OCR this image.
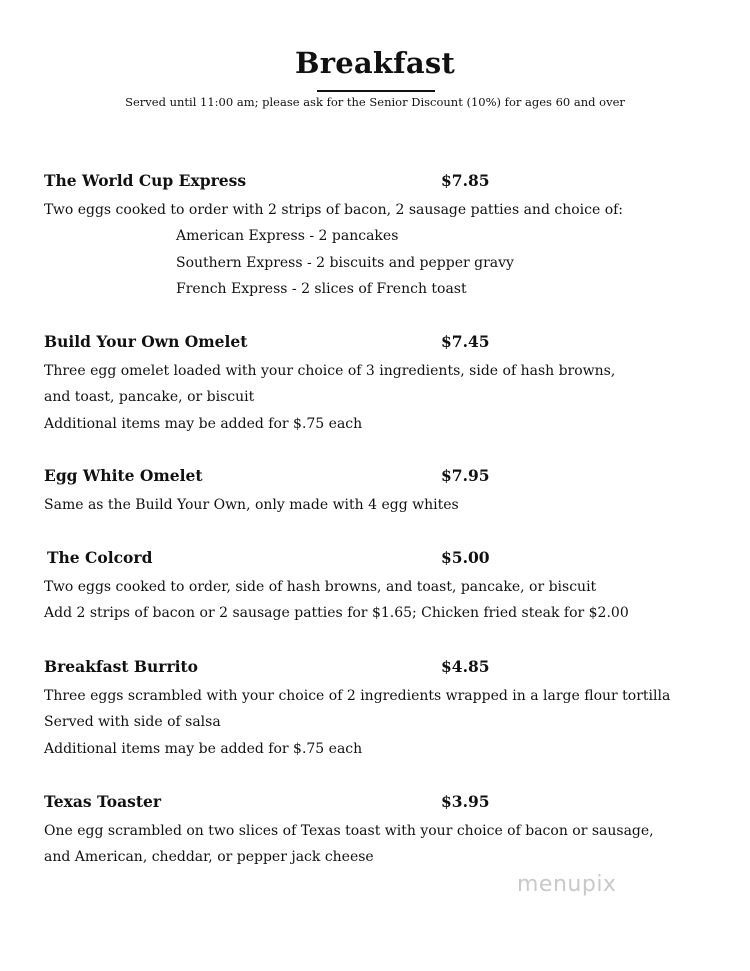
Breakfast
Served until 11:00 am; please ask for the Senior Discount (10%) for ages 60 and over
The World Cup Express	$7.85
Two eggs cooked to order with 2 strips of bacon, 2 sausage patties and choice of:
American Express - 2 pancakes
Southern Express - 2 biscuits and pepper gravy
French Express - 2 slices of French toast
Build Your Own Omelet	$7.45
Three egg omelet loaded with your choice of 3 ingredients, side of hash browns,
and toast, pancake, or biscuit
Additional items may be added for $.75 each
Egg White Omelet	$7.95
Same as the Build Your Own, only made with 4 egg whites
The Colcord	$5.00
Two eggs cooked to order, side of hash browns, and toast, pancake, or biscuit
Add 2 strips of bacon or 2 sausage patties for $1.65; Chicken fried steak for $2.00
Breakfast Burrito	$4.85
Three eggs scrambled with your choice of 2 ingredients wrapped in a large flour tortilla
Served with side of salsa
Additional items may be added for $.75 each
Texas Toaster	$3.95
One egg scrambled on two slices of Texas toast with your choice of bacon or sausage,
and American, cheddar, or pepper jack cheese
menupix
